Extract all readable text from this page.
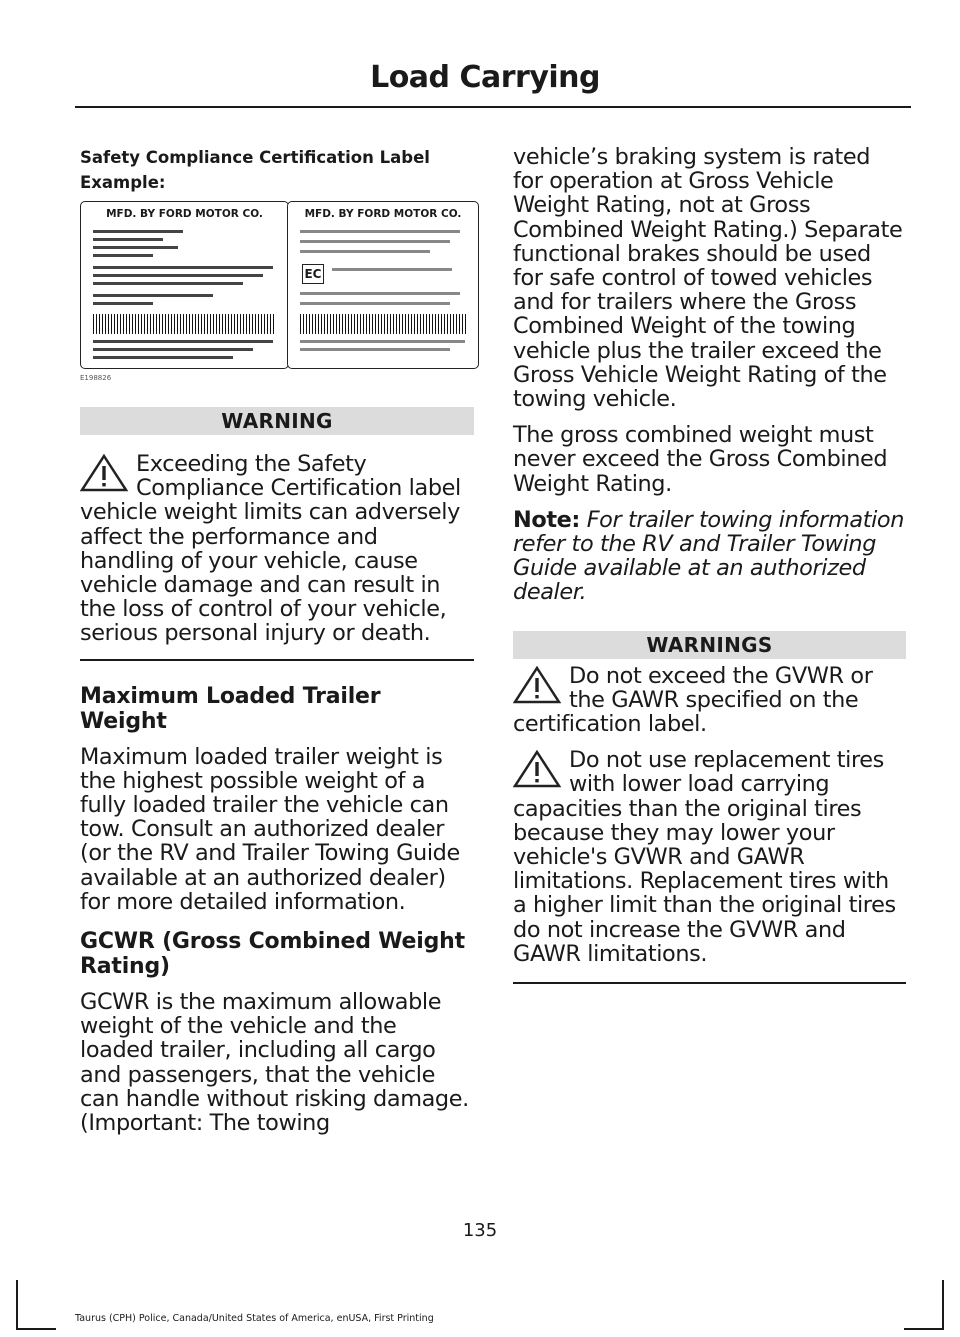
Load Carrying
MFD. BY FORD MOTOR CO.	MFD. BY FORD MOTOR CO.
EC
E198826

Safety Compliance Certification Label

Example:

WARNING

Exceeding the Safety Compliance Certification label vehicle weight limits can adversely affect the performance and handling of your vehicle, cause vehicle damage and can result in the loss of control of your vehicle, serious personal injury or death.

Maximum Loaded Trailer Weight

Maximum loaded trailer weight is the highest possible weight of a fully loaded trailer the vehicle can tow. Consult an authorized dealer (or the RV and Trailer Towing Guide available at an authorized dealer) for more detailed information.

GCWR (Gross Combined Weight Rating)

GCWR is the maximum allowable weight of the vehicle and the loaded trailer, including all cargo and passengers, that the vehicle can handle without risking damage. (Important: The towing

vehicle’s braking system is rated for operation at Gross Vehicle Weight Rating, not at Gross Combined Weight Rating.) Separate functional brakes should be used for safe control of towed vehicles and for trailers where the Gross Combined Weight of the towing vehicle plus the trailer exceed the Gross Vehicle Weight Rating of the towing vehicle.

The gross combined weight must never exceed the Gross Combined Weight Rating.

Note: For trailer towing information refer to the RV and Trailer Towing Guide available at an authorized dealer.

WARNINGS

Do not exceed the GVWR or the GAWR specified on the certification label.

Do not use replacement tires with lower load carrying capacities than the original tires because they may lower your vehicle's GVWR and GAWR limitations. Replacement tires with a higher limit than the original tires do not increase the GVWR and GAWR limitations.

135
Taurus (CPH) Police, Canada/United States of America, enUSA, First Printing
